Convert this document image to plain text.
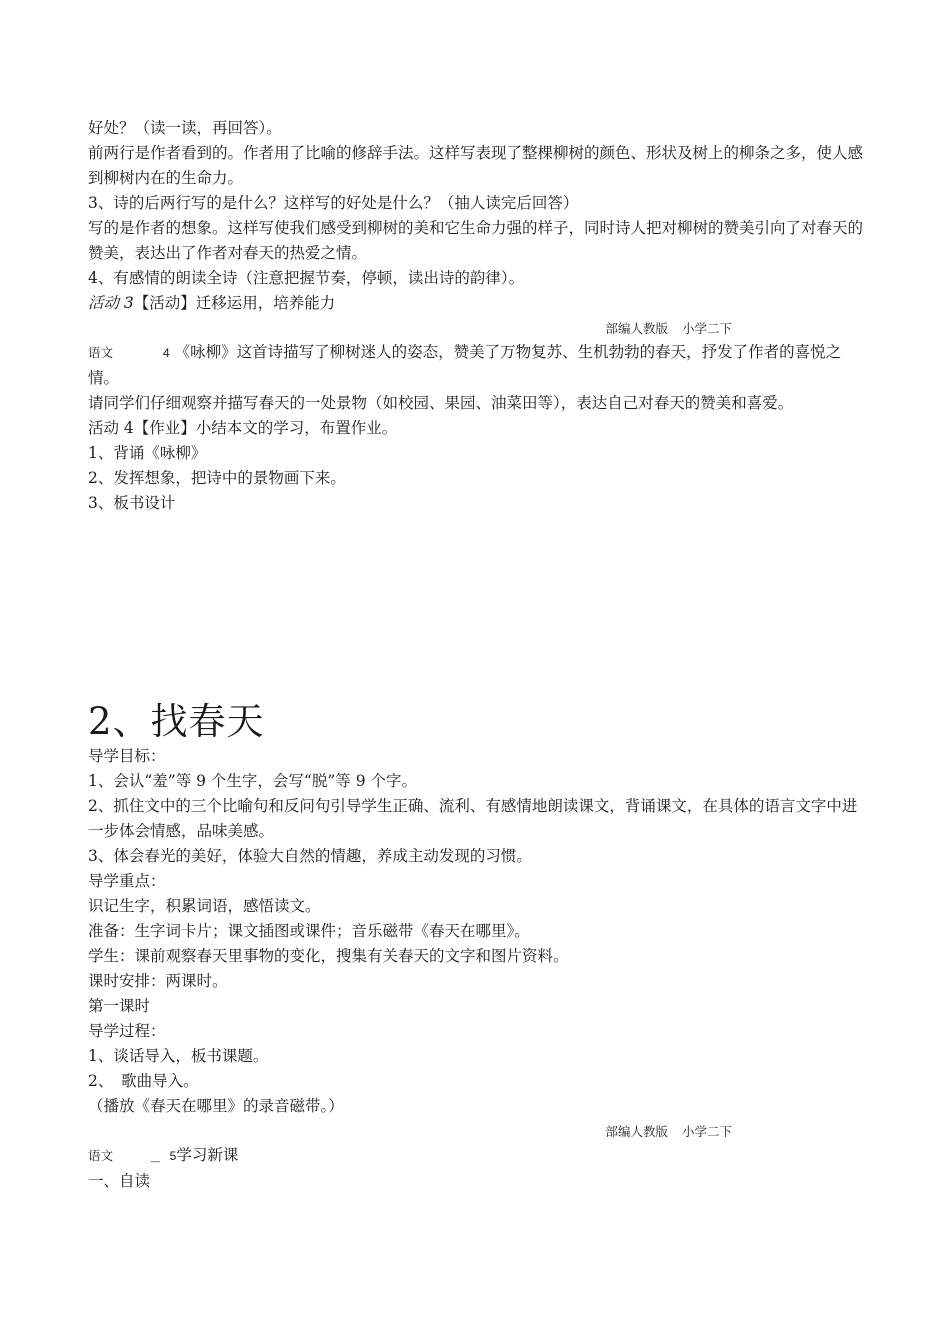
好处？（读一读，再回答）。

前两行是作者看到的。作者用了比喻的修辞手法。这样写表现了整棵柳树的颜色、形状及树上的柳条之多，使人感到柳树内在的生命力。

3、诗的后两行写的是什么？这样写的好处是什么？（抽人读完后回答）

写的是作者的想象。这样写使我们感受到柳树的美和它生命力强的样子，同时诗人把对柳树的赞美引向了对春天的赞美，表达出了作者对春天的热爱之情。

4、有感情的朗读全诗（注意把握节奏，停顿，读出诗的韵律）。

活动 3【活动】迁移运用，培养能力

部编人教版 小学二下

语文	4 《咏柳》这首诗描写了柳树迷人的姿态，赞美了万物复苏、生机勃勃的春天，抒发了作者的喜悦之情。

请同学们仔细观察并描写春天的一处景物（如校园、果园、油菜田等），表达自己对春天的赞美和喜爱。

活动 4【作业】小结本文的学习，布置作业。

1、背诵《咏柳》

2、发挥想象，把诗中的景物画下来。

3、板书设计

2、找春天

导学目标：

1、会认“羞”等 9 个生字，会写“脱”等 9 个字。

2、抓住文中的三个比喻句和反问句引导学生正确、流利、有感情地朗读课文，背诵课文，在具体的语言文字中进一步体会情感，品味美感。

3、体会春光的美好，体验大自然的情趣，养成主动发现的习惯。

导学重点：

识记生字，积累词语，感悟读文。

准备：生字词卡片；课文插图或课件；音乐磁带《春天在哪里》。

学生：课前观察春天里事物的变化，搜集有关春天的文字和图片资料。

课时安排：两课时。

第一课时

导学过程：

1、谈话导入，板书课题。

2、　歌曲导入。

（播放《春天在哪里》的录音磁带。）

部编人教版 小学二下

语文 _ 5学习新课

一、自读
